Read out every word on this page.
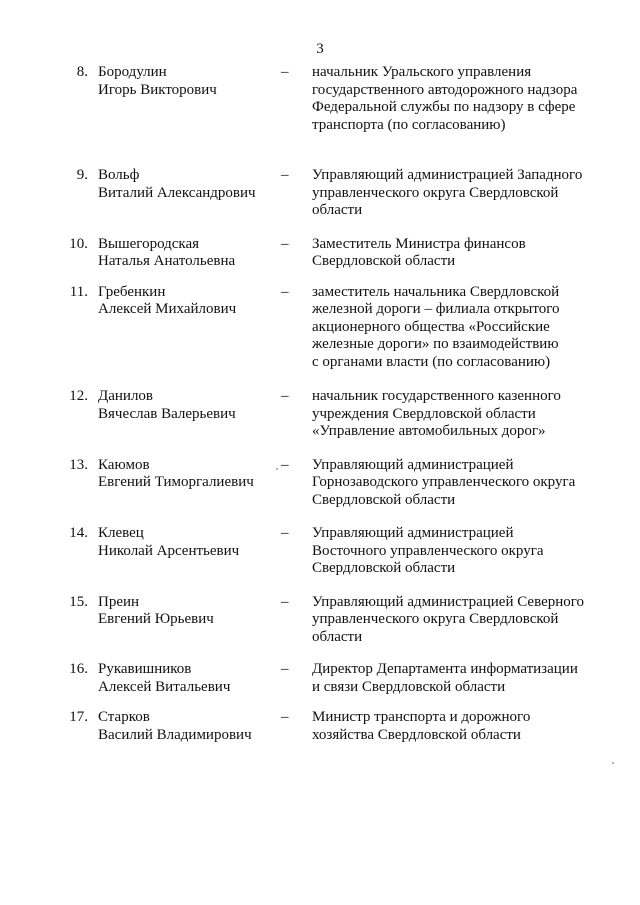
3
8. Бородулин
Игорь Викторович
–	начальник Уральского управления
государственного автодорожного надзора
Федеральной службы по надзору в сфере
транспорта (по согласованию)
9. Вольф
Виталий Александрович
–	Управляющий администрацией Западного
управленческого округа Свердловской
области
10. Вышегородская
Наталья Анатольевна
–	Заместитель Министра финансов
Свердловской области
11. Гребенкин
Алексей Михайлович
–	заместитель начальника Свердловской
железной дороги – филиала открытого
акционерного общества «Российские
железные дороги» по взаимодействию
с органами власти (по согласованию)
12. Данилов
Вячеслав Валерьевич
–	начальник государственного казенного
учреждения Свердловской области
«Управление автомобильных дорог»
13. Каюмов
Евгений Тиморгалиевич
–	Управляющий администрацией
Горнозаводского управленческого округа
Свердловской области
14. Клевец
Николай Арсентьевич
–	Управляющий администрацией
Восточного управленческого округа
Свердловской области
15. Преин
Евгений Юрьевич
–	Управляющий администрацией Северного
управленческого округа Свердловской
области
16. Рукавишников
Алексей Витальевич
–	Директор Департамента информатизации
и связи Свердловской области
17. Старков
Василий Владимирович
–	Министр транспорта и дорожного
хозяйства Свердловской области
